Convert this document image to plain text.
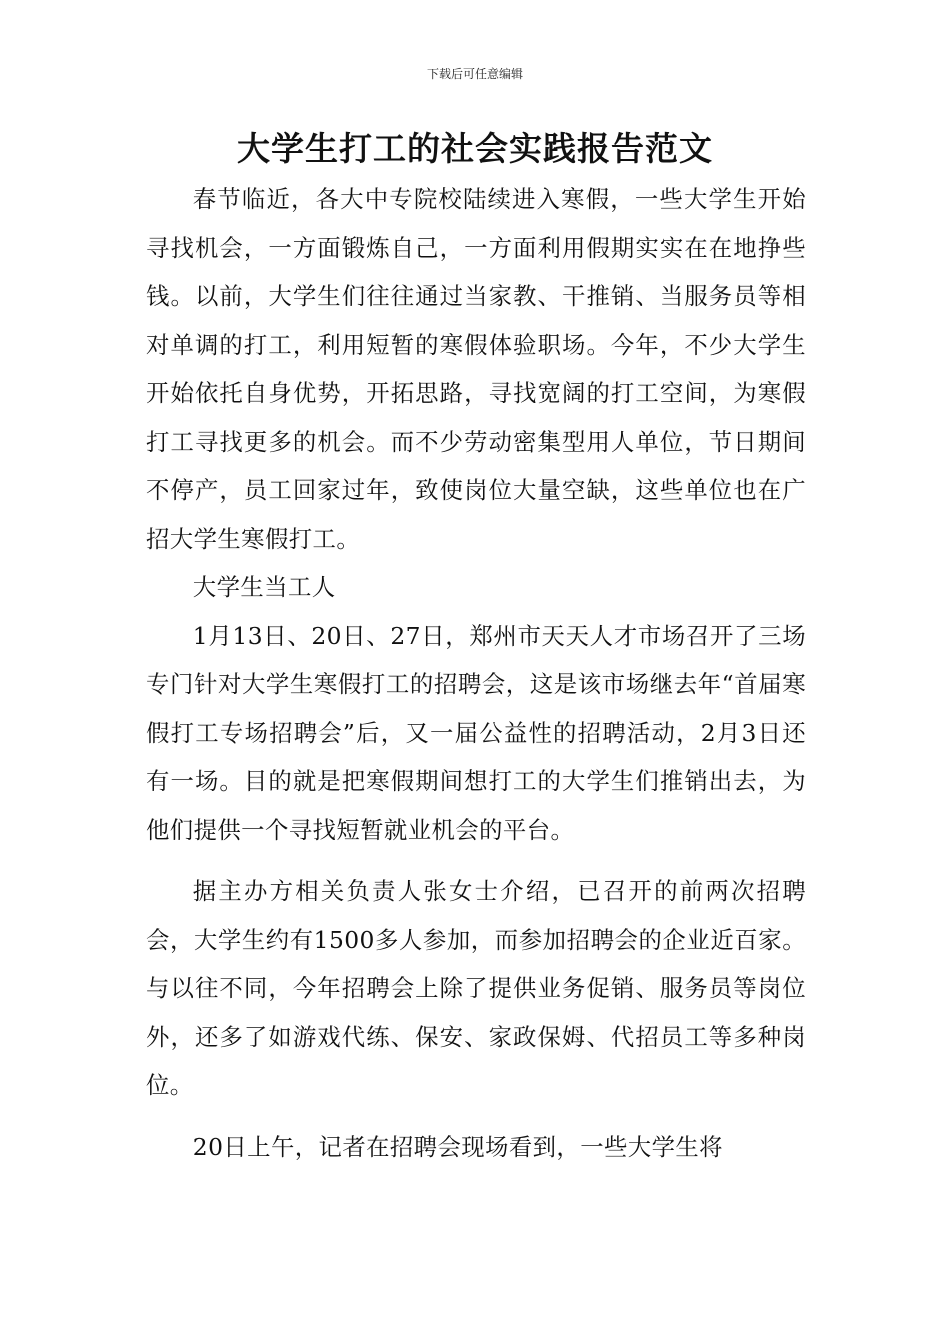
下载后可任意编辑
大学生打工的社会实践报告范文

春节临近，各大中专院校陆续进入寒假，一些大学生开始寻找机会，一方面锻炼自己，一方面利用假期实实在在地挣些钱。以前，大学生们往往通过当家教、干推销、当服务员等相对单调的打工，利用短暂的寒假体验职场。今年，不少大学生开始依托自身优势，开拓思路，寻找宽阔的打工空间，为寒假打工寻找更多的机会。而不少劳动密集型用人单位，节日期间不停产，员工回家过年，致使岗位大量空缺，这些单位也在广招大学生寒假打工。

大学生当工人

1月13日、20日、27日，郑州市天天人才市场召开了三场专门针对大学生寒假打工的招聘会，这是该市场继去年“首届寒假打工专场招聘会”后，又一届公益性的招聘活动，2月3日还有一场。目的就是把寒假期间想打工的大学生们推销出去，为他们提供一个寻找短暂就业机会的平台。

据主办方相关负责人张女士介绍，已召开的前两次招聘会，大学生约有1500多人参加，而参加招聘会的企业近百家。与以往不同，今年招聘会上除了提供业务促销、服务员等岗位外，还多了如游戏代练、保安、家政保姆、代招员工等多种岗位。

20日上午，记者在招聘会现场看到，一些大学生将
